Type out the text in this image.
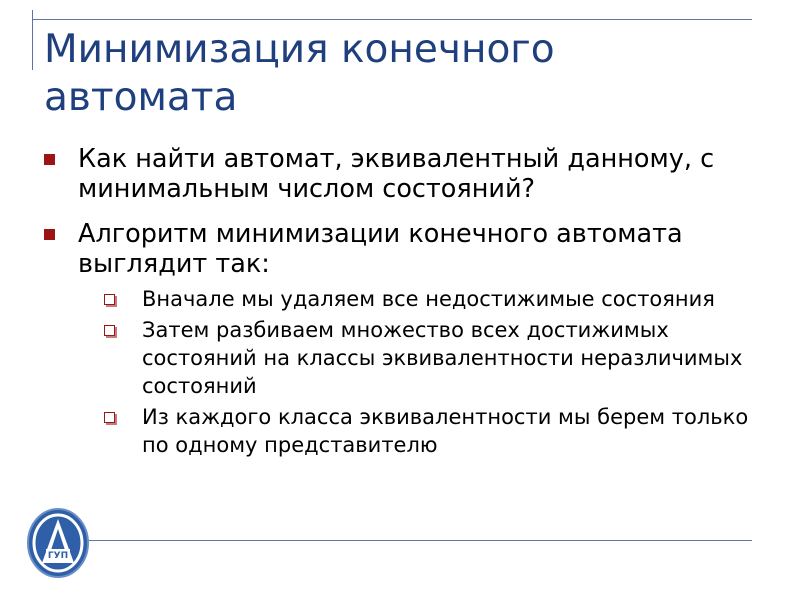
Минимизация конечного автомата
Как найти автомат, эквивалентный данному, с минимальным числом состояний?
Алгоритм минимизации конечного автомата выглядит так:
Вначале мы удаляем все недостижимые состояния
Затем разбиваем множество всех достижимых состояний на классы эквивалентности неразличимых состояний
Из каждого класса эквивалентности мы берем только по одному представителю
ГУП
